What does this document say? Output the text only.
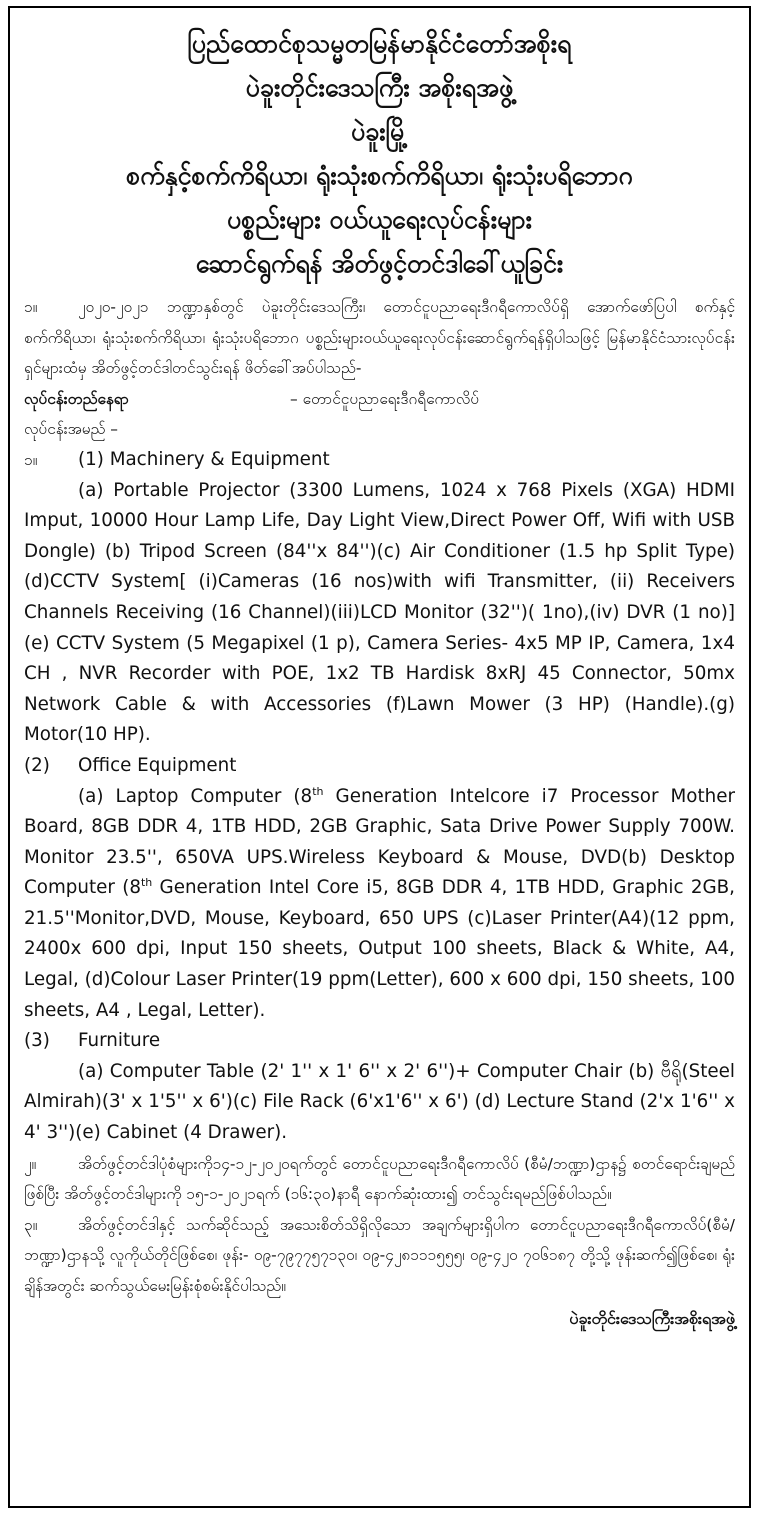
ပြည်ထောင်စုသမ္မတမြန်မာနိုင်ငံတော်အစိုးရ
ပဲခူးတိုင်းဒေသကြီး အစိုးရအဖွဲ့
ပဲခူးမြို့
စက်နှင့်စက်ကိရိယာ၊ ရုံးသုံးစက်ကိရိယာ၊ ရုံးသုံးပရိဘောဂ
ပစ္စည်းများ ဝယ်ယူရေးလုပ်ငန်းများ
ဆောင်ရွက်ရန် အိတ်ဖွင့်တင်ဒါခေါ်ယူခြင်း

၁။	၂၀၂၀-၂၀၂၁ ဘဏ္ဍာနှစ်တွင် ပဲခူးတိုင်းဒေသကြီး၊ တောင်ငူပညာရေးဒီဂရီကောလိပ်ရှိ အောက်ဖော်ပြပါ စက်နှင့်စက်ကိရိယာ၊ ရုံးသုံးစက်ကိရိယာ၊ ရုံးသုံးပရိဘောဂ ပစ္စည်းများဝယ်ယူရေးလုပ်ငန်းဆောင်ရွက်ရန်ရှိပါသဖြင့် မြန်မာနိုင်ငံသားလုပ်ငန်းရှင်များထံမှ အိတ်ဖွင့်တင်ဒါတင်သွင်းရန် ဖိတ်ခေါ်အပ်ပါသည်-

လုပ်ငန်းတည်နေရာ	– တောင်ငူပညာရေးဒီဂရီကောလိပ်

လုပ်ငန်းအမည် –

၁။ (1) Machinery & Equipment

(a) Portable Projector (3300 Lumens, 1024 x 768 Pixels (XGA) HDMI Imput, 10000 Hour Lamp Life, Day Light View,Direct Power Off, Wifi with USB Dongle) (b) Tripod Screen (84''x 84'')(c) Air Conditioner (1.5 hp Split Type)(d)CCTV System[ (i)Cameras (16 nos)with wifi Transmitter, (ii) Receivers Channels Receiving (16 Channel)(iii)LCD Monitor (32'')( 1no),(iv) DVR (1 no)] (e) CCTV System (5 Megapixel (1 p), Camera Series- 4x5 MP IP, Camera, 1x4 CH , NVR Recorder with POE, 1x2 TB Hardisk 8xRJ 45 Connector, 50mx Network Cable & with Accessories (f)Lawn Mower (3 HP) (Handle).(g) Motor(10 HP).

(2) Office Equipment

(a) Laptop Computer (8th Generation Intelcore i7 Processor Mother Board, 8GB DDR 4, 1TB HDD, 2GB Graphic, Sata Drive Power Supply 700W. Monitor 23.5'', 650VA UPS.Wireless Keyboard & Mouse, DVD(b) Desktop Computer (8th Generation Intel Core i5, 8GB DDR 4, 1TB HDD, Graphic 2GB, 21.5''Monitor,DVD, Mouse, Keyboard, 650 UPS (c)Laser Printer(A4)(12 ppm, 2400x 600 dpi, Input 150 sheets, Output 100 sheets, Black & White, A4, Legal, (d)Colour Laser Printer(19 ppm(Letter), 600 x 600 dpi, 150 sheets, 100 sheets, A4 , Legal, Letter).

(3) Furniture

(a) Computer Table (2' 1'' x 1' 6'' x 2' 6'')+ Computer Chair (b) ဗီရို(Steel Almirah)(3' x 1'5'' x 6')(c) File Rack (6'x1'6'' x 6') (d) Lecture Stand (2'x 1'6'' x 4' 3'')(e) Cabinet (4 Drawer).

၂။	အိတ်ဖွင့်တင်ဒါပုံစံများကို၁၄-၁၂-၂၀၂၀ရက်တွင် တောင်ငူပညာရေးဒီဂရီကောလိပ် (စီမံ/ဘဏ္ဍာ)ဌာန၌ စတင်ရောင်းချမည်ဖြစ်ပြီး အိတ်ဖွင့်တင်ဒါများကို ၁၅-၁-၂၀၂၁ရက် (၁၆:၃၀)နာရီ နောက်ဆုံးထား၍ တင်သွင်းရမည်ဖြစ်ပါသည်။

၃။	အိတ်ဖွင့်တင်ဒါနှင့် သက်ဆိုင်သည့် အသေးစိတ်သိရှိလိုသော အချက်များရှိပါက တောင်ငူပညာရေးဒီဂရီကောလိပ်(စီမံ/ဘဏ္ဍာ)ဌာနသို့ လူကိုယ်တိုင်ဖြစ်စေ၊ ဖုန်း- ၀၉-၇၉၇၇၅၇၁၃၀၊ ၀၉-၄၂၈၁၁၁၅၅၅၊ ၀၉-၄၂၀ ၇၀၆၁၈၇ တို့သို့ ဖုန်းဆက်၍ဖြစ်စေ၊ ရုံးချိန်အတွင်း ဆက်သွယ်မေးမြန်းစုံစမ်းနိုင်ပါသည်။

ပဲခူးတိုင်းဒေသကြီးအစိုးရအဖွဲ့
